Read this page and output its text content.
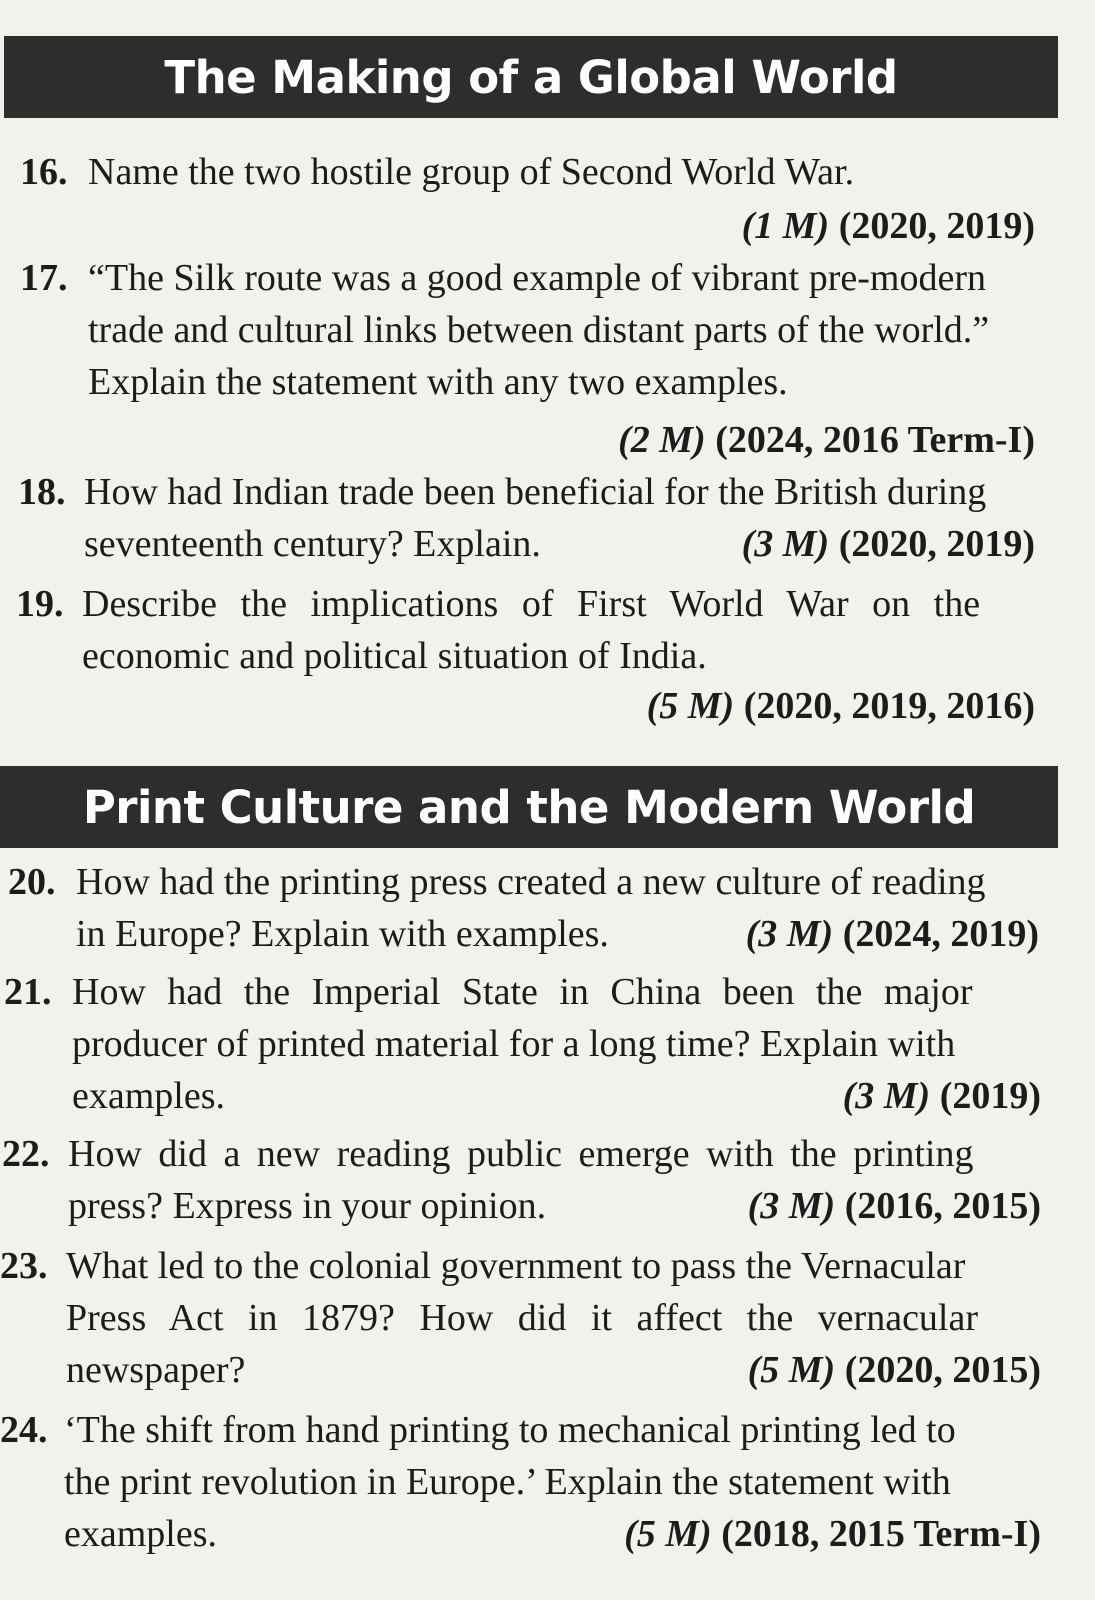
The Making of a Global World
16. Name the two hostile group of Second World War.
(1 M) (2020, 2019)
17. “The Silk route was a good example of vibrant pre-modern
trade and cultural links between distant parts of the world.”
Explain the statement with any two examples.
(2 M) (2024, 2016 Term-I)
18. How had Indian trade been beneficial for the British during
seventeenth century? Explain.	(3 M) (2020, 2019)
19. Describe the implications of First World War on the
economic and political situation of India.
(5 M) (2020, 2019, 2016)
Print Culture and the Modern World
20. How had the printing press created a new culture of reading
in Europe? Explain with examples.	(3 M) (2024, 2019)
21. How had the Imperial State in China been the major
producer of printed material for a long time? Explain with
examples.	(3 M) (2019)
22. How did a new reading public emerge with the printing
press? Express in your opinion.	(3 M) (2016, 2015)
23. What led to the colonial government to pass the Vernacular
Press Act in 1879? How did it affect the vernacular
newspaper?	(5 M) (2020, 2015)
24. ‘The shift from hand printing to mechanical printing led to
the print revolution in Europe.’ Explain the statement with
examples.	(5 M) (2018, 2015 Term-I)
